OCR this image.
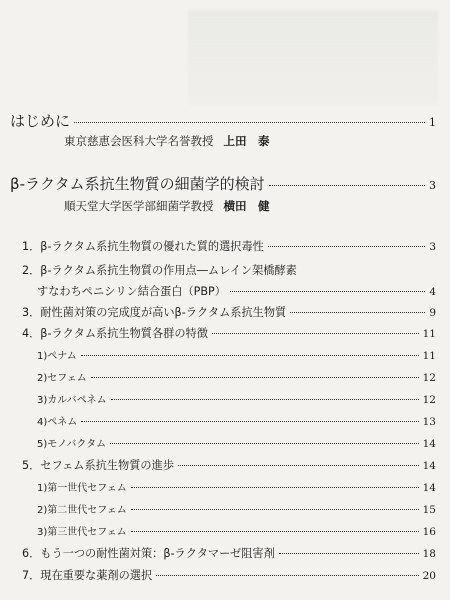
はじめに	1
東京慈恵会医科大学名誉教授 上田　泰
β-ラクタム系抗生物質の細菌学的検討	3
順天堂大学医学部細菌学教授 横田　健
1．β-ラクタム系抗生物質の優れた質的選択毒性	3
2．β-ラクタム系抗生物質の作用点―ムレイン架橋酵素
すなわちペニシリン結合蛋白（PBP）	4
3．耐性菌対策の完成度が高いβ-ラクタム系抗生物質	9
4．β-ラクタム系抗生物質各群の特徴	11
1)ペナム	11
2)セフェム	12
3)カルバペネム	12
4)ペネム	13
5)モノバクタム	14
5．セフェム系抗生物質の進歩	14
1)第一世代セフェム	14
2)第二世代セフェム	15
3)第三世代セフェム	16
6．もう一つの耐性菌対策：β-ラクタマーゼ阻害剤	18
7．現在重要な薬剤の選択	20
